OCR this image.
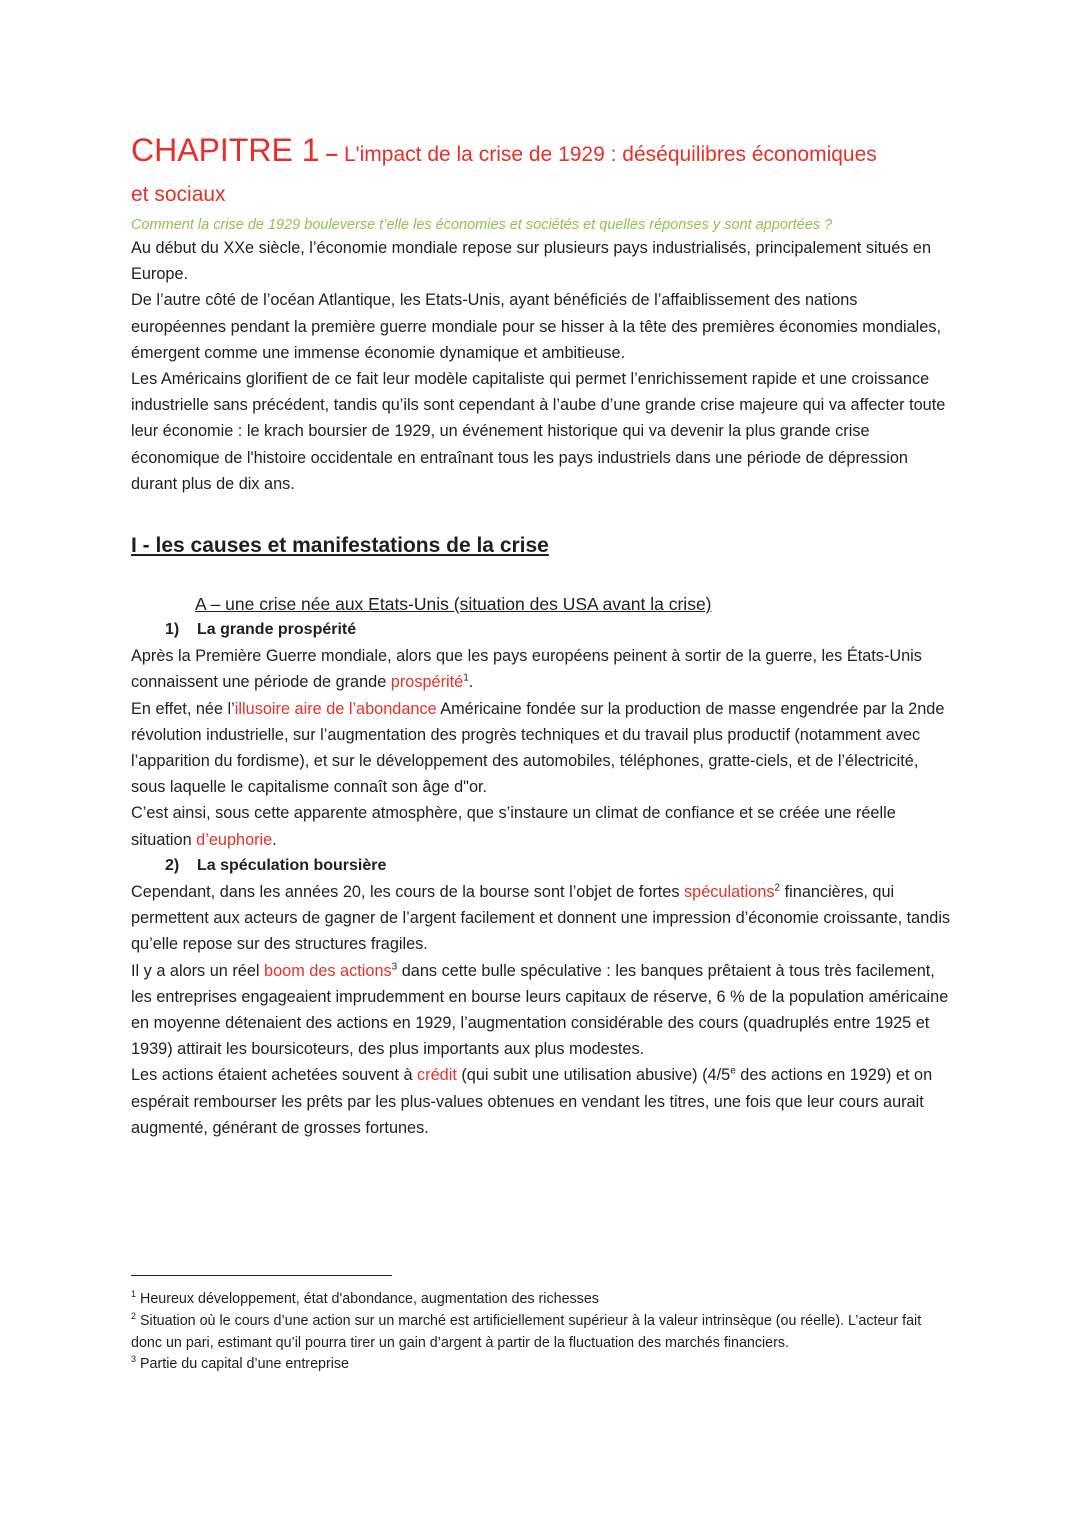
CHAPITRE 1 – L'impact de la crise de 1929 : déséquilibres économiques

et sociaux

Comment la crise de 1929 bouleverse t’elle les économies et sociétés et quelles réponses y sont apportées ?

Au début du XXe siècle, l’économie mondiale repose sur plusieurs pays industrialisés, principalement situés en Europe.

De l’autre côté de l’océan Atlantique, les Etats-Unis, ayant bénéficiés de l’affaiblissement des nations européennes pendant la première guerre mondiale pour se hisser à la tête des premières économies mondiales, émergent comme une immense économie dynamique et ambitieuse.

Les Américains glorifient de ce fait leur modèle capitaliste qui permet l’enrichissement rapide et une croissance industrielle sans précédent, tandis qu’ils sont cependant à l’aube d’une grande crise majeure qui va affecter toute leur économie : le krach boursier de 1929, un événement historique qui va devenir la plus grande crise économique de l'histoire occidentale en entraînant tous les pays industriels dans une période de dépression durant plus de dix ans.

I - les causes et manifestations de la crise

A – une crise née aux Etats-Unis (situation des USA avant la crise)

1) La grande prospérité

Après la Première Guerre mondiale, alors que les pays européens peinent à sortir de la guerre, les États-Unis connaissent une période de grande prospérité$^1$.

En effet, née l’illusoire aire de l’abondance Américaine fondée sur la production de masse engendrée par la 2nde révolution industrielle, sur l’augmentation des progrès techniques et du travail plus productif (notamment avec l’apparition du fordisme), et sur le développement des automobiles, téléphones, gratte-ciels, et de l’électricité, sous laquelle le capitalisme connaît son âge d"or.

C’est ainsi, sous cette apparente atmosphère, que s’instaure un climat de confiance et se créée une réelle situation d’euphorie.

2) La spéculation boursière

Cependant, dans les années 20, les cours de la bourse sont l’objet de fortes spéculations$^2$ financières, qui permettent aux acteurs de gagner de l’argent facilement et donnent une impression d’économie croissante, tandis qu’elle repose sur des structures fragiles.

Il y a alors un réel boom des actions$^3$ dans cette bulle spéculative : les banques prêtaient à tous très facilement, les entreprises engageaient imprudemment en bourse leurs capitaux de réserve, 6 % de la population américaine en moyenne détenaient des actions en 1929, l’augmentation considérable des cours (quadruplés entre 1925 et 1939) attirait les boursicoteurs, des plus importants aux plus modestes.

Les actions étaient achetées souvent à crédit (qui subit une utilisation abusive) (4/5e des actions en 1929) et on espérait rembourser les prêts par les plus-values obtenues en vendant les titres, une fois que leur cours aurait augmenté, générant de grosses fortunes.

$^1$ Heureux développement, état d'abondance, augmentation des richesses

$^2$ Situation où le cours d’une action sur un marché est artificiellement supérieur à la valeur intrinsèque (ou réelle). L’acteur fait donc un pari, estimant qu’il pourra tirer un gain d’argent à partir de la fluctuation des marchés financiers.

$^3$ Partie du capital d’une entreprise
